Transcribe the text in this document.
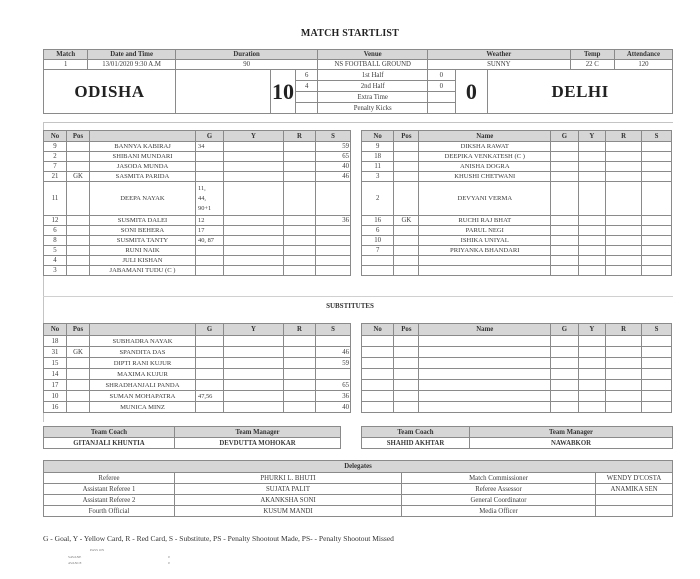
MATCH STARTLIST
Match	Date and Time	Duration			Venue	Weather			Temp	Attendance
1	13/01/2020 9:30 A.M	90			NS FOOTBALL GROUND	SUNNY			22 C	120
ODISHA			10	6	1st Half	0	0	DELHI		
				4	2nd Half	0				
					Extra Time					
					Penalty Kicks					
No	Pos		G	Y	R	S
9		BANNYA KABIRAJ	34			59
2		SHIBANI MUNDARI				65
7		JASODA MUNDA				40
21	GK	SASMITA PARIDA				46
11		DEEPA NAYAK	11,
44,
90+1			

12		SUSMITA DALEI	12			36
6		SONI BEHERA	17			
8		SUSMITA TANTY	40, 87			
5		RUNI NAIK				
4		JULI KISHAN				
3		JABAMANI TUDU (C )				
No	Pos	Name	G	Y	R	S
9		DIKSHA RAWAT				
18		DEEPIKA VENKATESH (C )				
11		ANISHA DOGRA				
3		KHUSHI CHETWANI				
2		DEVYANI VERMA				
16	GK	RUCHI RAJ BHAT				
6		PARUL NEGI				
10		ISHIKA UNIYAL				
7		PRIYANKA BHANDARI				

SUBSTITUTES
No	Pos		G	Y	R	S
18		SUBHADRA NAYAK				
31	GK	SPANDITA DAS				46
15		DIPTI RANI KUJUR				59
14		MAXIMA KUJUR				
17		SHRADHANJALI PANDA				65
10		SUMAN MOHAPATRA	47,56			36
16		MUNICA MINZ				40
No	Pos	Name	G	Y	R	S

Team Coach	Team Manager
GITANJALI KHUNTIA	DEVDUTTA MOHOKAR
Team Coach	Team Manager
SHAHID AKHTAR	NAWABKOR
Delegates			
Referee	PHURKI L. BHUTI	Match Commissioner	WENDY D'COSTA
Assistant Referee 1	SUJATA PALIT	Referee Assessor	ANAMIKA SEN
Assistant Referee 2	AKANKSHA SONI	General Coordinator	
Fourth Official	KUSUM MANDI	Media Officer	
G - Goal, Y - Yellow Card, R - Red Card, S - Substitute, PS - Penalty Shootout Made, PS- - Penalty Shootout Missed
PASS ON
SAVANE	0
AVANCE	0
